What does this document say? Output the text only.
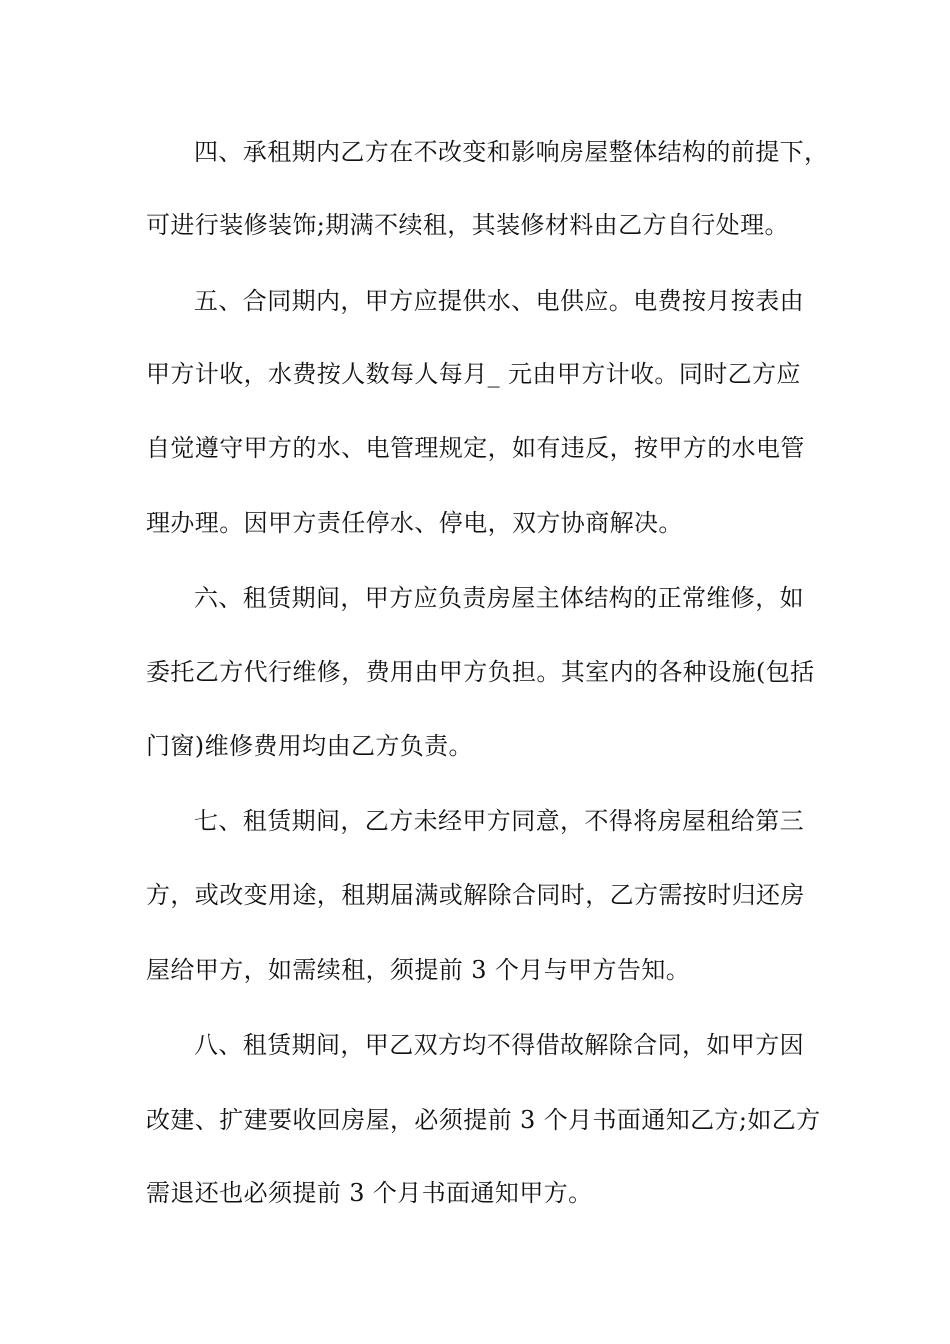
四、承租期内乙方在不改变和影响房屋整体结构的前提下，
可进行装修装饰;期满不续租，其装修材料由乙方自行处理。
五、合同期内，甲方应提供水、电供应。电费按月按表由
甲方计收，水费按人数每人每月_ 元由甲方计收。同时乙方应
自觉遵守甲方的水、电管理规定，如有违反，按甲方的水电管
理办理。因甲方责任停水、停电，双方协商解决。
六、租赁期间，甲方应负责房屋主体结构的正常维修，如
委托乙方代行维修，费用由甲方负担。其室内的各种设施(包括
门窗)维修费用均由乙方负责。
七、租赁期间，乙方未经甲方同意，不得将房屋租给第三
方，或改变用途，租期届满或解除合同时，乙方需按时归还房
屋给甲方，如需续租，须提前 3 个月与甲方告知。
八、租赁期间，甲乙双方均不得借故解除合同，如甲方因
改建、扩建要收回房屋，必须提前 3 个月书面通知乙方;如乙方
需退还也必须提前 3 个月书面通知甲方。
